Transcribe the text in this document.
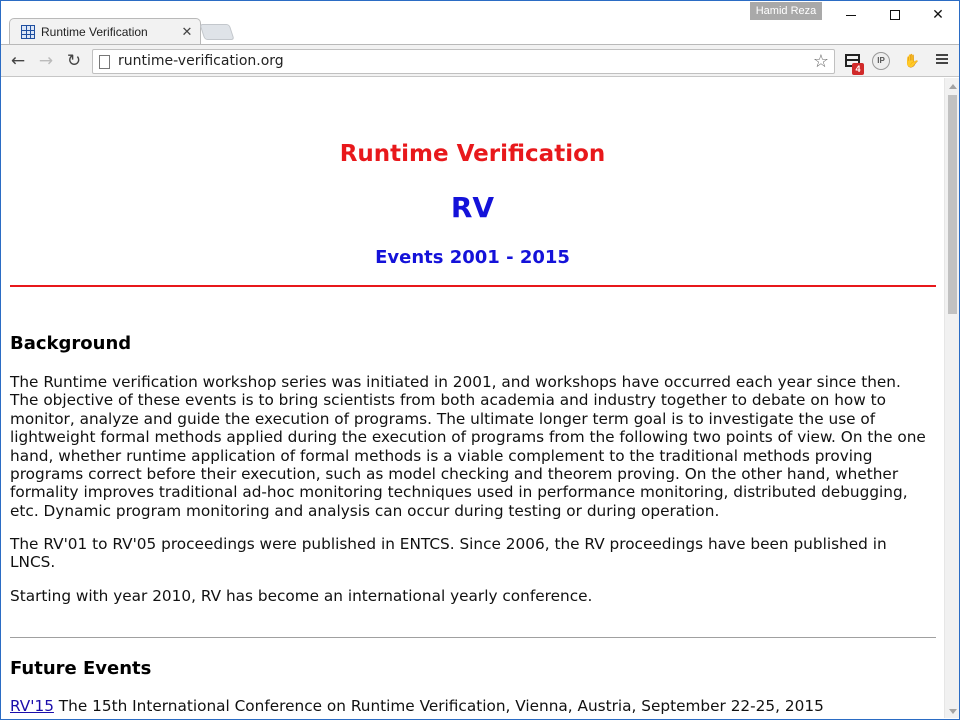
Runtime Verification	✕
Hamid Reza	✕
← → ↻	runtime-verification.org	☆	IP	✋
4
Runtime Verification
RV
Events 2001 - 2015
Background

The Runtime verification workshop series was initiated in 2001, and workshops have occurred each year since then. The objective of these events is to bring scientists from both academia and industry together to debate on how to monitor, analyze and guide the execution of programs. The ultimate longer term goal is to investigate the use of lightweight formal methods applied during the execution of programs from the following two points of view. On the one hand, whether runtime application of formal methods is a viable complement to the traditional methods proving programs correct before their execution, such as model checking and theorem proving. On the other hand, whether formality improves traditional ad-hoc monitoring techniques used in performance monitoring, distributed debugging, etc. Dynamic program monitoring and analysis can occur during testing or during operation.

The RV'01 to RV'05 proceedings were published in ENTCS. Since 2006, the RV proceedings have been published in LNCS.

Starting with year 2010, RV has become an international yearly conference.

Future Events
RV'15 The 15th International Conference on Runtime Verification, Vienna, Austria, September 22-25, 2015
